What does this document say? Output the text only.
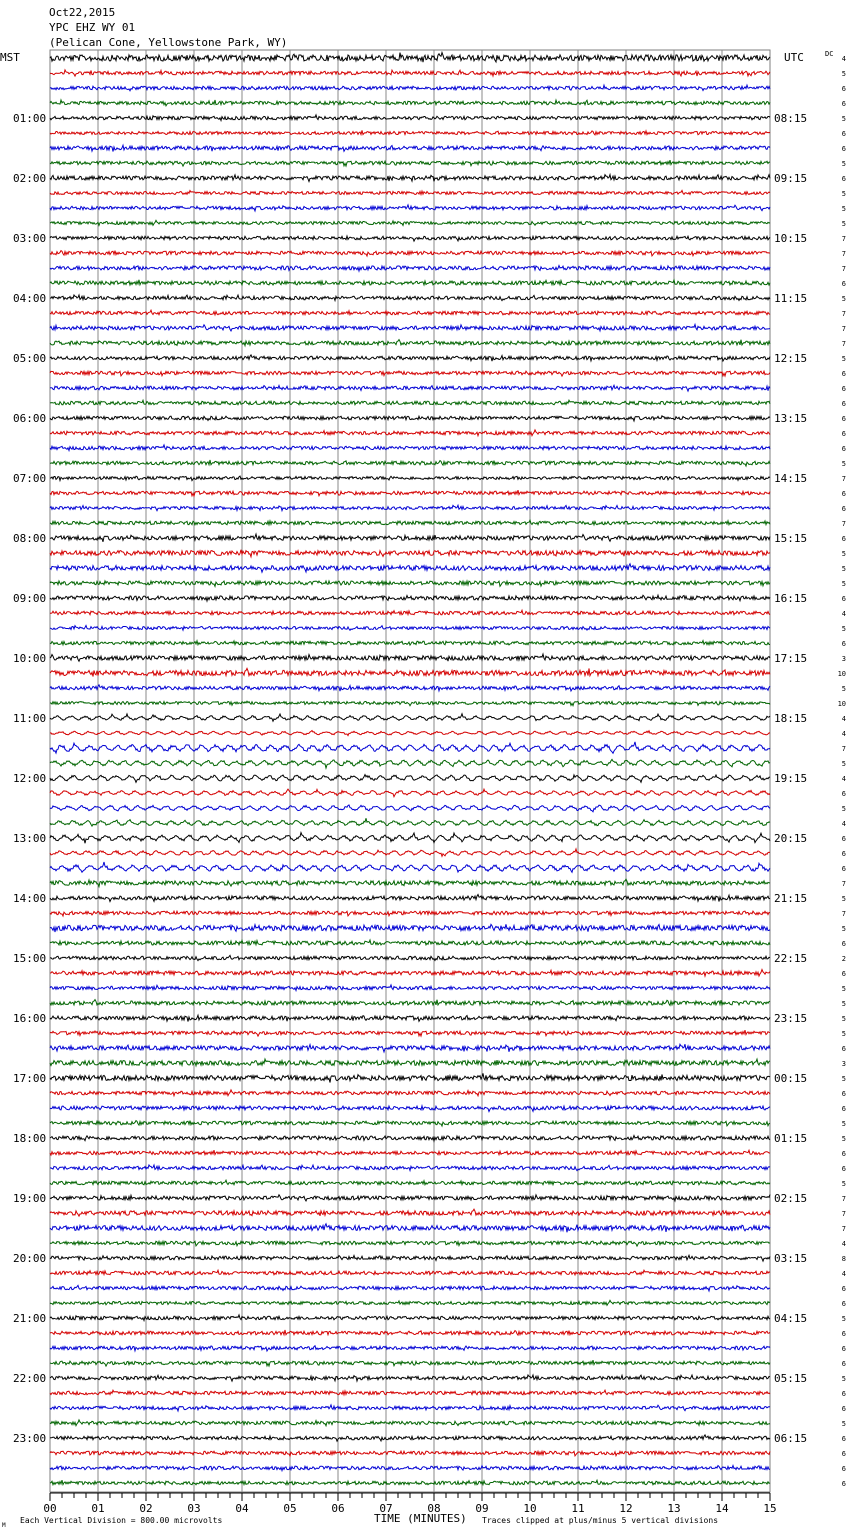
Oct22,2015
YPC EHZ WY 01
(Pelican Cone, Yellowstone Park, WY)
MST	UTC	DC
01:00
02:00
03:00
04:00
05:00
06:00
07:00
08:00
09:00
10:00
11:00
12:00
13:00
14:00
15:00
16:00
17:00
18:00
19:00
20:00
21:00
22:00
23:00
08:15
09:15
10:15
11:15
12:15
13:15
14:15
15:15
16:15
17:15
18:15
19:15
20:15
21:15
22:15
23:15
00:15
01:15
02:15
03:15
04:15
05:15
06:15
4
5
6
6
5
6
6
5
6
5
5
5
7
7
7
6
5
7
7
7
5
6
6
6
6
6
6
5
7
6
6
7
6
5
5
5
6
4
5
6
3
10
5
10
4
4
7
5
4
6
5
4
6
6
6
7
5
7
5
6
2
6
5
5
5
5
6
3
5
6
6
5
5
6
6
5
7
7
7
4
8
4
6
6
5
6
6
6
5
6
6
5
6
6
6
6
00	01	02	03	04	05	06	07	08	09	10	11	12	13	14	15
M
Each Vertical Division = 800.00 microvolts	TIME (MINUTES) Traces clipped at plus/minus 5 vertical divisions
